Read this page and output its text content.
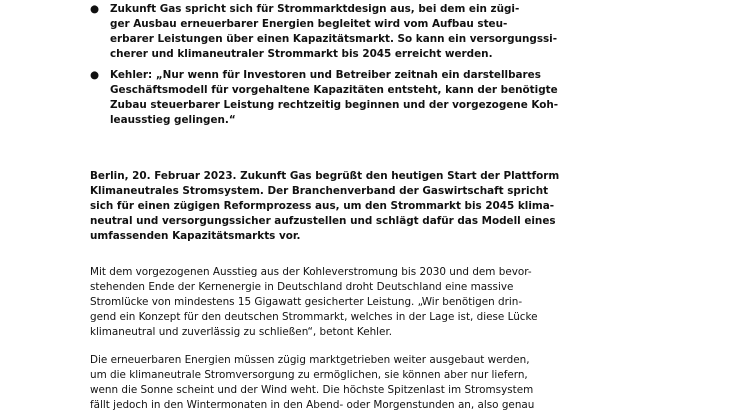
● Zukunft Gas spricht sich für Strommarktdesign aus, bei dem ein zügi-
ger Ausbau erneuerbarer Energien begleitet wird vom Aufbau steu-
erbarer Leistungen über einen Kapazitätsmarkt. So kann ein versorgungssi-
cherer und klimaneutraler Strommarkt bis 2045 erreicht werden.
● Kehler: „Nur wenn für Investoren und Betreiber zeitnah ein darstellbares
Geschäftsmodell für vorgehaltene Kapazitäten entsteht, kann der benötigte
Zubau steuerbarer Leistung rechtzeitig beginnen und der vorgezogene Koh-
leausstieg gelingen.“
Berlin, 20. Februar 2023. Zukunft Gas begrüßt den heutigen Start der Plattform
Klimaneutrales Stromsystem. Der Branchenverband der Gaswirtschaft spricht
sich für einen zügigen Reformprozess aus, um den Strommarkt bis 2045 klima-
neutral und versorgungssicher aufzustellen und schlägt dafür das Modell eines
umfassenden Kapazitätsmarkts vor.
Mit dem vorgezogenen Ausstieg aus der Kohleverstromung bis 2030 und dem bevor-
stehenden Ende der Kernenergie in Deutschland droht Deutschland eine massive
Stromlücke von mindestens 15 Gigawatt gesicherter Leistung. „Wir benötigen drin-
gend ein Konzept für den deutschen Strommarkt, welches in der Lage ist, diese Lücke
klimaneutral und zuverlässig zu schließen“, betont Kehler.
Die erneuerbaren Energien müssen zügig marktgetrieben weiter ausgebaut werden,
um die klimaneutrale Stromversorgung zu ermöglichen, sie können aber nur liefern,
wenn die Sonne scheint und der Wind weht. Die höchste Spitzenlast im Stromsystem
fällt jedoch in den Wintermonaten in den Abend- oder Morgenstunden an, also genau
